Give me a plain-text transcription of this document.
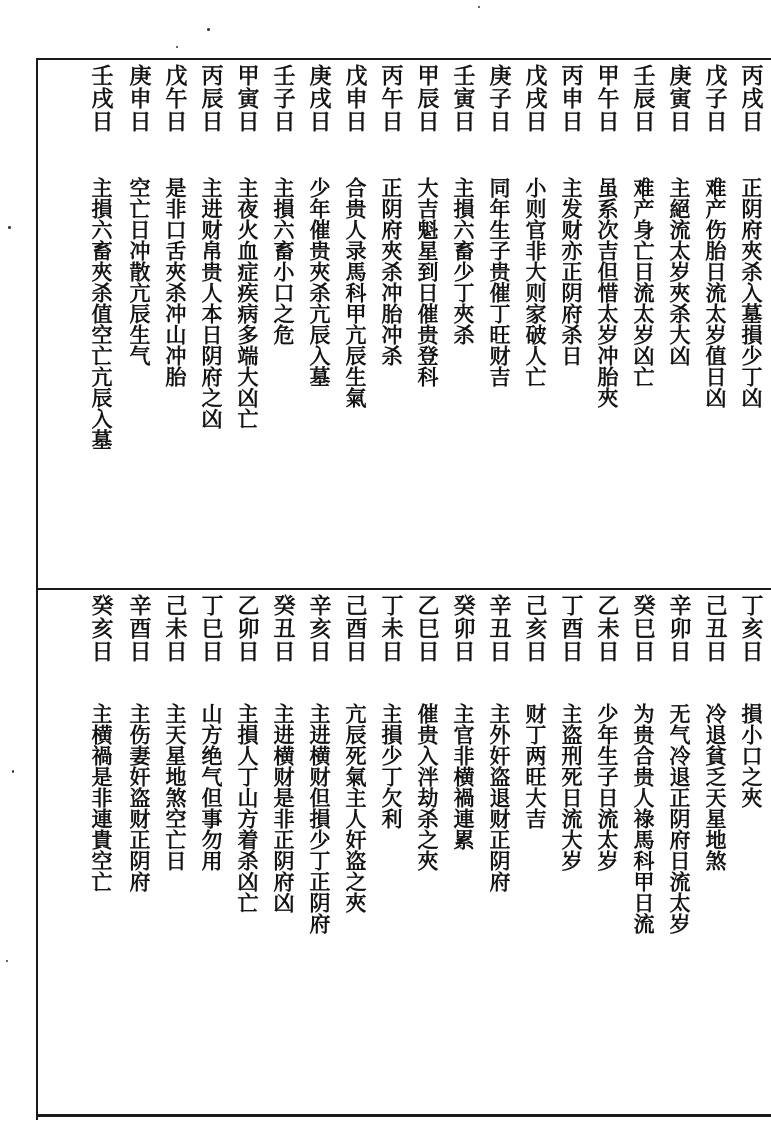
丙戌日
正阴府夾杀入墓損少丁凶
戊子日
难产伤胎日流太岁值日凶
庚寅日
主絕流太岁夾杀大凶
壬辰日
难产身亡日流太岁凶亡
甲午日
虽系次吉但惜太岁冲胎夾
丙申日
主发财亦正阴府杀日
戊戌日
小则官非大则家破人亡
庚子日
同年生子贵催丁旺财吉
壬寅日
主損六畜少丁夾杀
甲辰日
大吉魁星到日催贵登科
丙午日
正阴府夾杀冲胎冲杀
戊申日
合贵人录馬科甲亢辰生氣
庚戌日
少年催贵夾杀亢辰入墓
壬子日
主損六畜小口之危
甲寅日
主夜火血症疾病多端大凶亡
丙辰日
主进财帛贵人本日阴府之凶
戊午日
是非口舌夾杀冲山冲胎
庚申日
空亡日冲散亢辰生气
壬戌日
主損六畜夾杀值空亡亢辰入墓
丁亥日
損小口之夾
己丑日
冷退貧乏天星地煞
辛卯日
无气冷退正阴府日流太岁
癸巳日
为贵合贵人祿馬科甲日流
乙未日
少年生子日流太岁
丁酉日
主盗刑死日流大岁
己亥日
财丁两旺大吉
辛丑日
主外奸盗退财正阴府
癸卯日
主官非横禍連累
乙巳日
催贵入泮劫杀之夾
丁未日
主損少丁欠利
己酉日
亢辰死氣主人奸盗之夾
辛亥日
主进横财但損少丁正阴府
癸丑日
主进横财是非正阴府凶
乙卯日
主損人丁山方着杀凶亡
丁巳日
山方绝气但事勿用
己未日
主天星地煞空亡日
辛酉日
主伤妻奸盗财正阴府
癸亥日
主横禍是非連貴空亡
